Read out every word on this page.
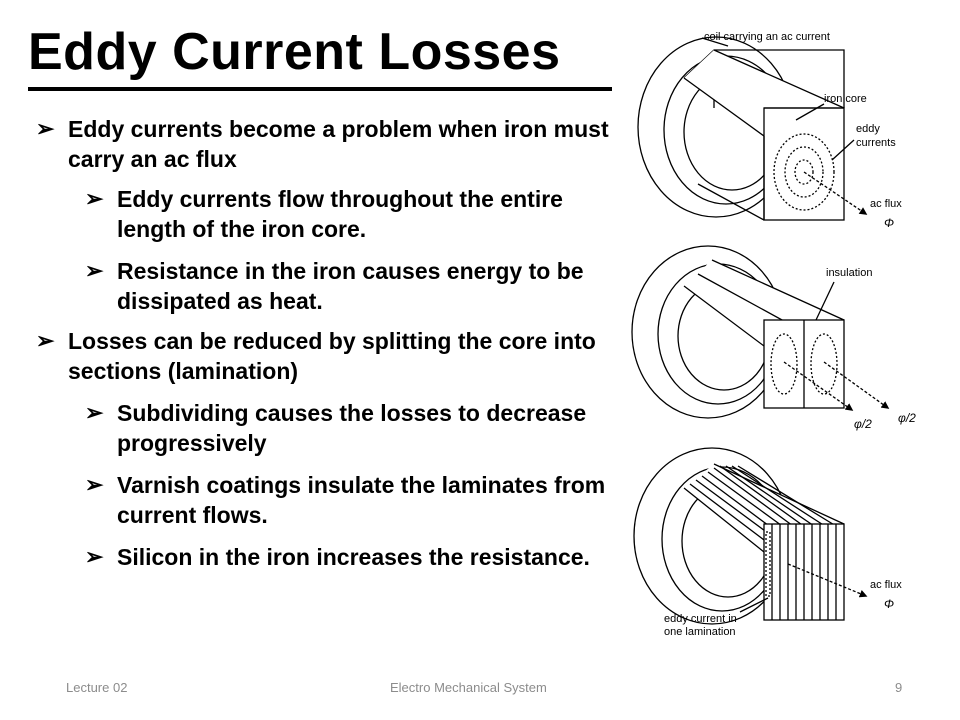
Eddy Current Losses
➢ Eddy currents become a problem when iron must carry an ac flux
➢ Eddy currents flow throughout the entire length of the iron core.
➢ Resistance in the iron causes energy to be dissipated as heat.
➢ Losses can be reduced by splitting the core into sections (lamination)
➢ Subdividing causes the losses to decrease progressively
➢ Varnish coatings insulate the laminates from current flows.
➢ Silicon in the iron increases the resistance.
coil carrying an ac current
iron core
eddy
currents
ac flux
Φ
insulation
φ/2 φ/2
ac flux
Φ
eddy current in
one lamination
Lecture 02	Electro Mechanical System	9
